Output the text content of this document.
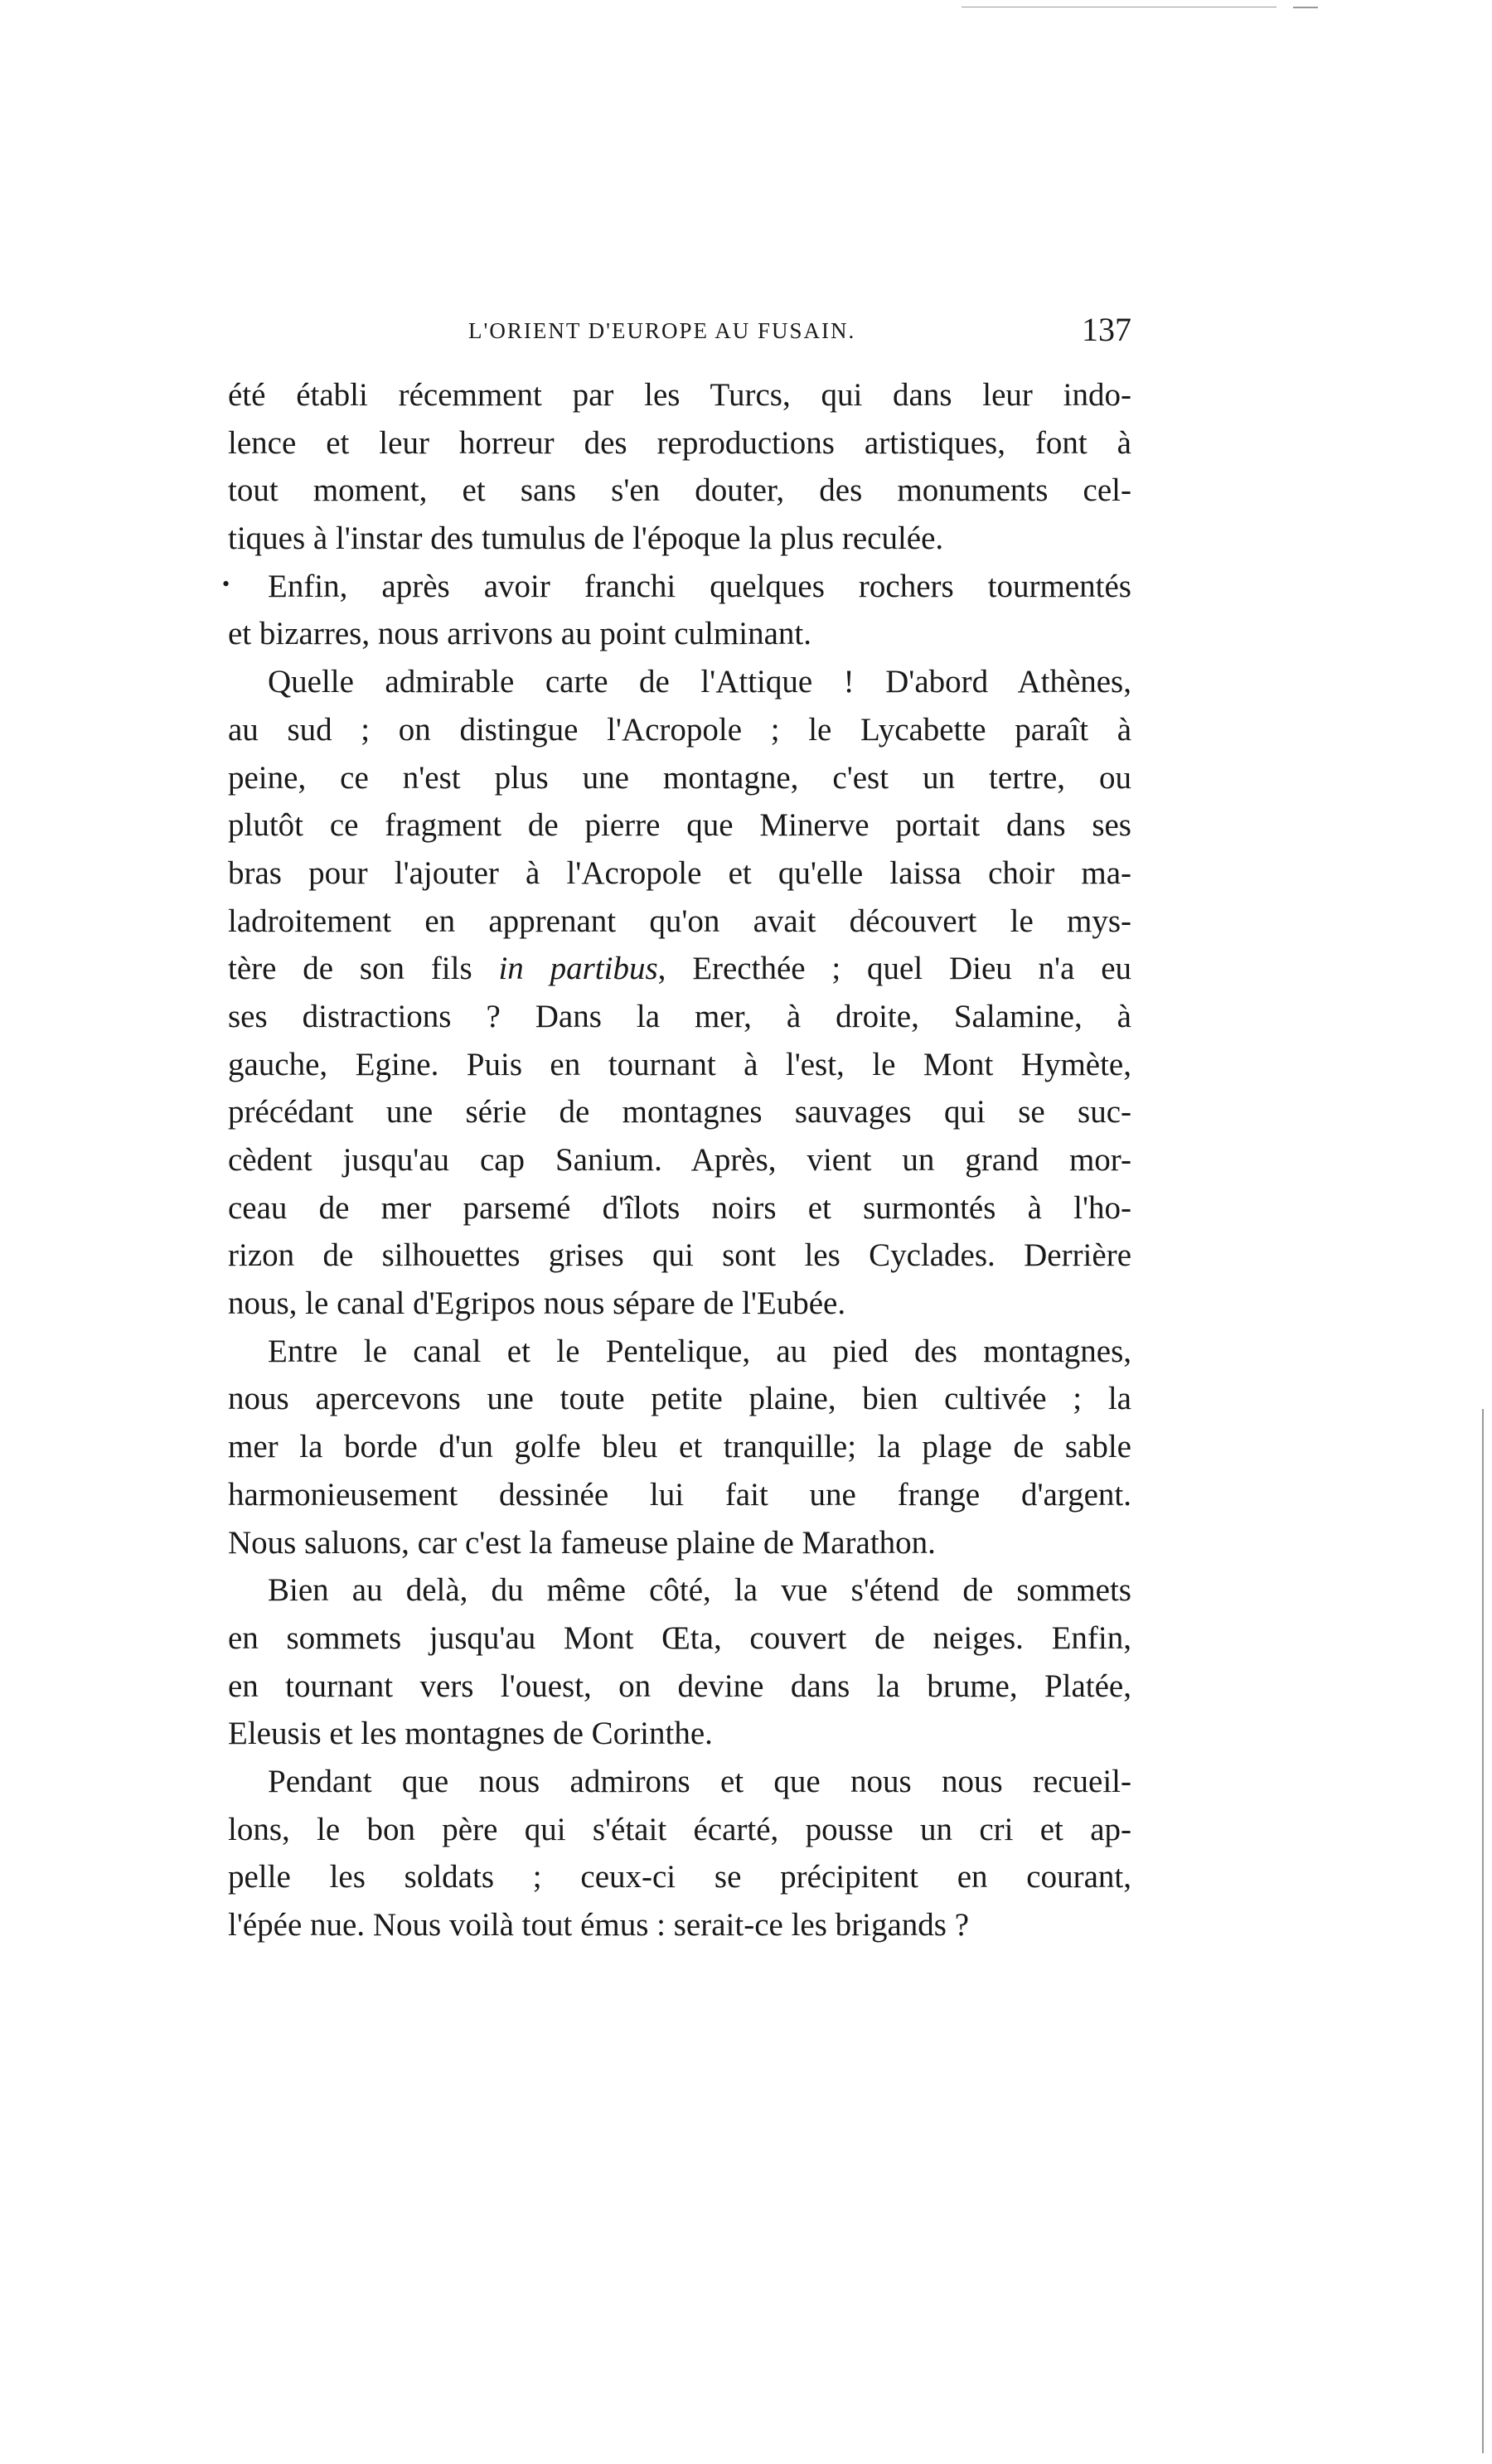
L'ORIENT D'EUROPE AU FUSAIN.	137
•
été établi récemment par les Turcs, qui dans leur indo-
lence et leur horreur des reproductions artistiques, font à
tout moment, et sans s'en douter, des monuments cel-
tiques à l'instar des tumulus de l'époque la plus reculée.
Enfin, après avoir franchi quelques rochers tourmentés
et bizarres, nous arrivons au point culminant.
Quelle admirable carte de l'Attique ! D'abord Athènes,
au sud ; on distingue l'Acropole ; le Lycabette paraît à
peine, ce n'est plus une montagne, c'est un tertre, ou
plutôt ce fragment de pierre que Minerve portait dans ses
bras pour l'ajouter à l'Acropole et qu'elle laissa choir ma-
ladroitement en apprenant qu'on avait découvert le mys-
tère de son fils in partibus, Erecthée ; quel Dieu n'a eu
ses distractions ? Dans la mer, à droite, Salamine, à
gauche, Egine. Puis en tournant à l'est, le Mont Hymète,
précédant une série de montagnes sauvages qui se suc-
cèdent jusqu'au cap Sanium. Après, vient un grand mor-
ceau de mer parsemé d'îlots noirs et surmontés à l'ho-
rizon de silhouettes grises qui sont les Cyclades. Derrière
nous, le canal d'Egripos nous sépare de l'Eubée.
Entre le canal et le Pentelique, au pied des montagnes,
nous apercevons une toute petite plaine, bien cultivée ; la
mer la borde d'un golfe bleu et tranquille; la plage de sable
harmonieusement dessinée lui fait une frange d'argent.
Nous saluons, car c'est la fameuse plaine de Marathon.
Bien au delà, du même côté, la vue s'étend de sommets
en sommets jusqu'au Mont Œta, couvert de neiges. Enfin,
en tournant vers l'ouest, on devine dans la brume, Platée,
Eleusis et les montagnes de Corinthe.
Pendant que nous admirons et que nous nous recueil-
lons, le bon père qui s'était écarté, pousse un cri et ap-
pelle les soldats ; ceux-ci se précipitent en courant,
l'épée nue. Nous voilà tout émus : serait-ce les brigands ?
